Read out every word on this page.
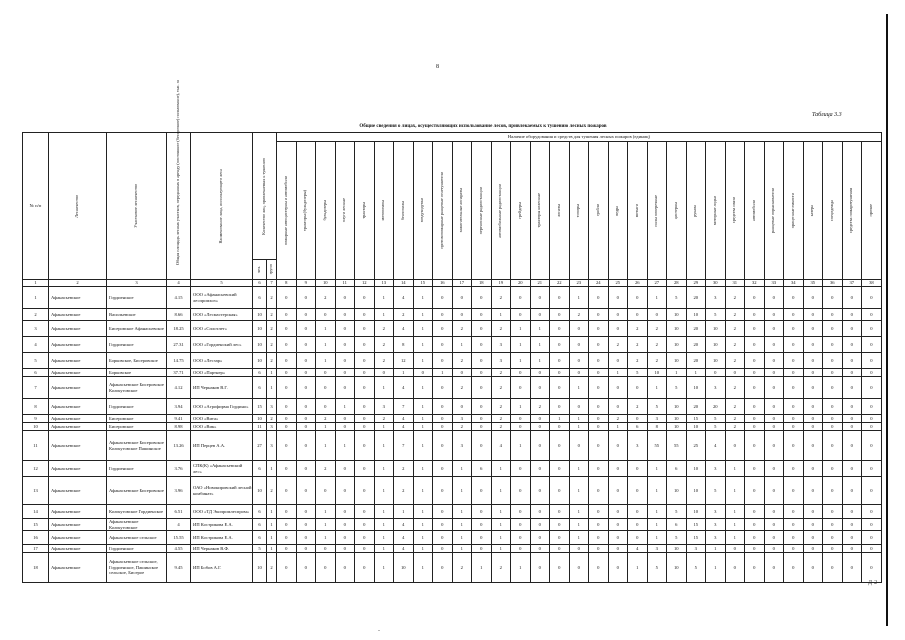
8
Таблица 3.3
Общие сведения о лицах, осуществляющих использование лесов, привлекаемых к тушению лесных пожаров
Д-2
-
№ п/п	Лесничество	Участковое лесничество	Общая площадь лесных участков, переданных в аренду (постоянное (бессрочное) пользование), тыс. га	Наименование лица, использующего леса	Количество лиц, привлекаемых к тушению		Наличие оборудования и средств для тушения лесных пожаров (единиц)																														

							пожарные автоцистерны и автомобили	тракторы (бульдозеры)	бульдозеры	плуги лесные	тракторы	мотопомпы	бензопилы	воздуходувки	противопожарные ранцевые огнетушители	зажигательные аппараты	переносные радиостанции	автомобильные радиостанции	грейдеры	тракторы колесные	лопаты	топоры	грабли	ведра	мотыги	пилы поперечные	цистерны	рукава	моторные лодки	средства связи	автомобили	ранцевые опрыскиватели	прицепные емкости	катера	спецодежда	средства пожаротушения	прочие

					чел.	групп																															

1	2	3	4	5	6	7	8	9	10	11	12	13	14	15	16	17	18	19	20	21	22	23	24	25	26	27	28	29	30	31	32	33	34	35	36	37	38
1	Афанасьевское	Гордиенское	4.15	ООО «Афанасьевский леспромхоз»	6	2	0	0	2	0	0	1	4	1	0	0	0	2	0	0	0	1	0	0	0	1	5	20	3	2	0	0	0	0	0	0	0
2	Афанасьевское	Васильевское	8.66	ООО «Лесмастерская»	10	2	0	0	0	0	0	1	2	1	0	0	0	1	0	0	0	2	0	0	0	0	10	10	5	2	0	0	0	0	0	0	0
3	Афанасьевское	Бисеровское Афанасьевское	18.25	ООО «Сплотлет»	10	2	0	0	1	0	0	2	4	1	0	2	0	2	1	1	0	0	0	0	2	2	10	20	10	2	0	0	0	0	0	0	0
4	Афанасьевское	Гордиенское	27.31	ООО «Гордиенский лес»	10	2	0	0	1	0	0	2	8	1	0	1	0	3	1	1	0	0	0	2	2	2	10	20	10	2	0	0	0	0	0	0	0
5	Афанасьевское	Борковское, Бисеровское	14.75	ООО «Лесзар»	10	2	0	0	1	0	0	2	12	1	0	2	0	3	1	1	0	0	0	0	2	2	10	20	10	2	0	0	0	0	0	0	0
6	Афанасьевское	Борковское	37.71	ООО «Партнер»	6	1	0	0	0	0	0	0	1	0	1	0	0	2	0	0	0	0	0	1	5	10	1	1	0	0	0	0	0	0	0	0	0
7	Афанасьевское	Афанасьевское Бисеровское Кольчуговское	4.12	ИП Чернаков В.Г.	6	1	0	0	0	0	0	1	4	1	0	2	0	2	0	0	0	1	0	0	0	1	5	10	3	2	0	0	0	0	0	0	0
8	Афанасьевское	Гордиенское	3.94	ООО «Агрофирма Гордино»	15	3	0	0	0	1	0	3	7	1	0	0	0	2	1	2	0	0	0	0	2	5	10	20	20	2	0	0	0	0	0	0	0
9	Афанасьевское	Бисеровское	9.41	ООО «Вита»	10	2	0	0	2	0	0	2	4	1	0	3	0	2	0	0	1	1	0	2	0	3	10	15	5	2	0	0	0	0	0	0	0
10	Афанасьевское	Бисеровское	8.98	ООО «Вик»	11	3	0	0	1	0	0	1	4	1	0	2	0	2	0	0	0	1	0	1	6	8	10	10	5	2	0	0	0	0	0	0	0
11	Афанасьевское	Афанасьевское Бисеровское Кольчуговское Пашинское	13.26	ИП Перцев А.А.	27	3	0	0	1	1	0	1	7	1	0	3	0	4	1	0	0	0	0	0	3	55	55	25	4	0	0	0	0	0	0	0	0
12	Афанасьевское	Гордиенское	3.76	СПК(К) «Афанасьевский лес»	6	1	0	0	2	0	0	1	2	1	0	1	6	1	0	0	0	1	0	0	0	1	6	10	3	1	0	0	0	0	0	0	0
13	Афанасьевское	Афанасьевское Бисеровское	3.96	ОАО «Новокировский лесной комбинат»	10	2	0	0	0	0	0	1	2	1	0	1	0	1	0	0	0	1	0	0	0	1	10	10	5	1	0	0	0	0	0	0	0
14	Афанасьевское	Кольчуговское Гордиенское	6.51	ООО «ТД Экопромлеспром»	6	1	0	0	1	0	0	1	1	1	0	1	0	1	0	0	0	1	0	0	0	1	5	10	3	1	0	0	0	0	0	0	0
15	Афанасьевское	Афанасьевское Кольчуговское	4	ИП Кострикова Е.А.	6	1	0	0	1	0	0	1	4	1	0	1	0	1	0	0	0	1	0	0	0	1	6	15	3	1	0	0	0	0	0	0	0
16	Афанасьевское	Афанасьевское сельское	15.55	ИП Кострикова Е.А.	6	1	0	0	1	0	0	1	4	1	0	1	0	1	0	0	0	1	0	0	0	1	5	15	3	1	0	0	0	0	0	0	0
17	Афанасьевское	Гордиенское	4.55	ИП Чернаков В.Ф.	5	1	0	0	0	0	0	1	4	1	0	1	0	1	0	0	0	0	0	0	4	3	10	3	1	0	0	0	0	0	0	0	0
18	Афанасьевское	Афанасьевское сельское, Гордиенское, Пашинское сельское, Бисерое	9.45	ИП Бобов А.Г.	10	2	0	0	0	0	0	1	10	1	0	2	1	2	1	0	0	0	0	0	1	5	10	5	1	0	0	0	0	0	0	0	0
